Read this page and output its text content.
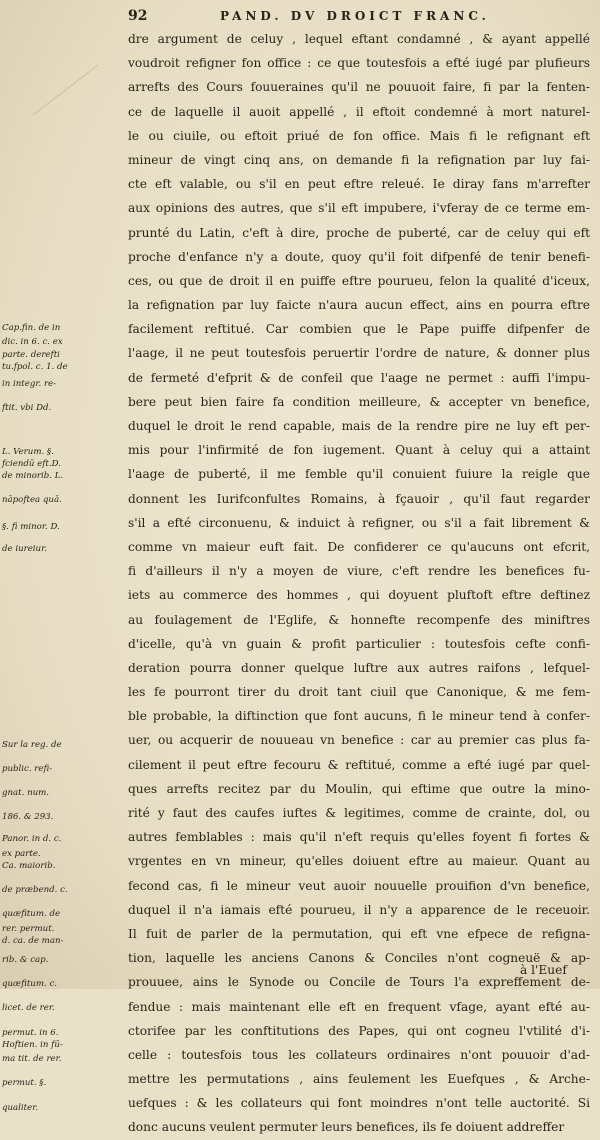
92	PAND. DV DROICT FRANC.
dre argument de celuy , lequel eftant condamné , & ayant appellé
voudroit refigner fon office : ce que toutesfois a efté iugé par plufieurs
arrefts des Cours fouueraines qu'il ne pouuoit faire, fi par la fenten-
ce de laquelle il auoit appellé , il eftoit condemné à mort naturel-
le ou ciuile, ou eftoit priué de fon office. Mais fi le refignant eft
mineur de vingt cinq ans, on demande fi la refignation par luy fai-
cte eft valable, ou s'il en peut eftre releué. Ie diray fans m'arrefter
aux opinions des autres, que s'il eft impubere, i'vferay de ce terme em-
prunté du Latin, c'eft à dire, proche de puberté, car de celuy qui eft
proche d'enfance n'y a doute, quoy qu'il foit difpenfé de tenir benefi-
ces, ou que de droit il en puiffe eftre pourueu, felon la qualité d'iceux,
la refignation par luy faicte n'aura aucun effect, ains en pourra eftre
facilement reftitué. Car combien que le Pape puiffe difpenfer de
l'aage, il ne peut toutesfois peruertir l'ordre de nature, & donner plus
de fermeté d'efprit & de confeil que l'aage ne permet : auffi l'impu-
bere peut bien faire fa condition meilleure, & accepter vn benefice,
duquel le droit le rend capable, mais de la rendre pire ne luy eft per-
mis pour l'infirmité de fon iugement. Quant à celuy qui a attaint
l'aage de puberté, il me femble qu'il conuient fuiure la reigle que
donnent les Iurifconfultes Romains, à fçauoir , qu'il faut regarder
s'il a efté circonuenu, & induict à refigner, ou s'il a fait librement &
comme vn maieur euft fait. De confiderer ce qu'aucuns ont efcrit,
fi d'ailleurs il n'y a moyen de viure, c'eft rendre les benefices fu-
iets au commerce des hommes , qui doyuent pluftoft eftre deftinez
au foulagement de l'Eglife, & honnefte recompenfe des miniftres
d'icelle, qu'à vn guain & profit particulier : toutesfois cefte confi-
deration pourra donner quelque luftre aux autres raifons , lefquel-
les fe pourront tirer du droit tant ciuil que Canonique, & me fem-
ble probable, la diftinction que font aucuns, fi le mineur tend à confer-
uer, ou acquerir de nouueau vn benefice : car au premier cas plus fa-
cilement il peut eftre fecouru & reftitué, comme a efté iugé par quel-
ques arrefts recitez par du Moulin, qui eftime que outre la mino-
rité y faut des caufes iuftes & legitimes, comme de crainte, dol, ou
autres femblables : mais qu'il n'eft requis qu'elles foyent fi fortes &
vrgentes en vn mineur, qu'elles doiuent eftre au maieur. Quant au
fecond cas, fi le mineur veut auoir nouuelle prouifion d'vn benefice,
duquel il n'a iamais efté pourueu, il n'y a apparence de le receuoir.
Il fuit de parler de la permutation, qui eft vne efpece de refigna-
tion, laquelle les anciens Canons & Conciles n'ont cogneuë & ap-
prouuee, ains le Synode ou Concile de Tours l'a expreffement de-
fendue : mais maintenant elle eft en frequent vfage, ayant efté au-
ctorifee par les conftitutions des Papes, qui ont cogneu l'vtilité d'i-
celle : toutesfois tous les collateurs ordinaires n'ont pouuoir d'ad-
mettre les permutations , ains feulement les Euefques , & Arche-
uefques : & les collateurs qui font moindres n'ont telle auctorité. Si
donc aucuns veulent permuter leurs benefices, ils fe doiuent addreffer
Cap.fin. de in
dic. in 6. c. ex
parte. derefti
tu.fpol. c. 1. de
in integr. re-
ftit. vbi Dd.
L. Verum. §.
fciendū eft.D.
de minorib. L.
nāpoftea quā.
§. fi minor. D.
de iureiur.
Sur la reg. de
public. refi-
gnat. num.
186. & 293.
Panor. in d. c.
ex parte.
Ca. maiorib.
de præbend. c.
quæfitum. de
rer. permut.
d. ca. de man-
rib. & cap.
quæfitum. c.
licet. de rer.
permut. in 6.
Hoftien. in fū-
ma tit. de rer.
permut. §.
qualiter.
à l'Euef
